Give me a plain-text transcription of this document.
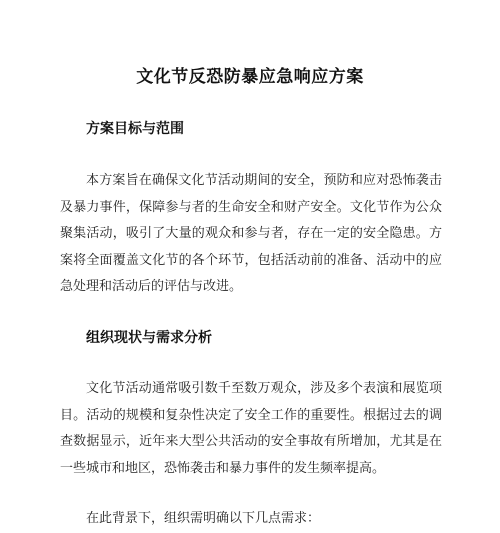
文化节反恐防暴应急响应方案
方案目标与范围
本方案旨在确保文化节活动期间的安全，预防和应对恐怖袭击及暴力事件，保障参与者的生命安全和财产安全。文化节作为公众聚集活动，吸引了大量的观众和参与者，存在一定的安全隐患。方案将全面覆盖文化节的各个环节，包括活动前的准备、活动中的应急处理和活动后的评估与改进。
组织现状与需求分析
文化节活动通常吸引数千至数万观众，涉及多个表演和展览项目。活动的规模和复杂性决定了安全工作的重要性。根据过去的调查数据显示，近年来大型公共活动的安全事故有所增加，尤其是在一些城市和地区，恐怖袭击和暴力事件的发生频率提高。
在此背景下，组织需明确以下几点需求：
